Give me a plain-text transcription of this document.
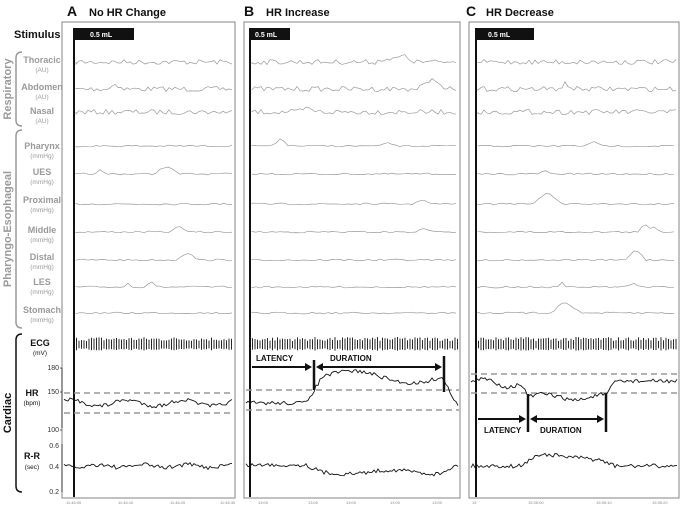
A No HR Change	B HR Increase	C HR Decrease
Stimulus	0.5 mL	0.5 mL	0.5 mL
Thoracic
(AU)
Abdomen
(AU)
Nasal
(AU)
Pharynx
(mmHg)
UES
(mmHg)
Proximal
(mmHg)
Middle
(mmHg)
Distal
(mmHg)
LES
(mmHg)
Stomach
(mmHg)
ECG
(mV)
HR
(bpm)
R-R
(sec)
Respiratory
Pharyngo-Esophageal
Cardiac
180
150
100
0.6
0.4
0.2
LATENCY	DURATION
LATENCY DURATION
11:46:00	11:46:10	11:46:20	11:46:30	13:00	13:00	13:00	13:00	13:00	15	15:35:00	15:35:10	15:35:20
